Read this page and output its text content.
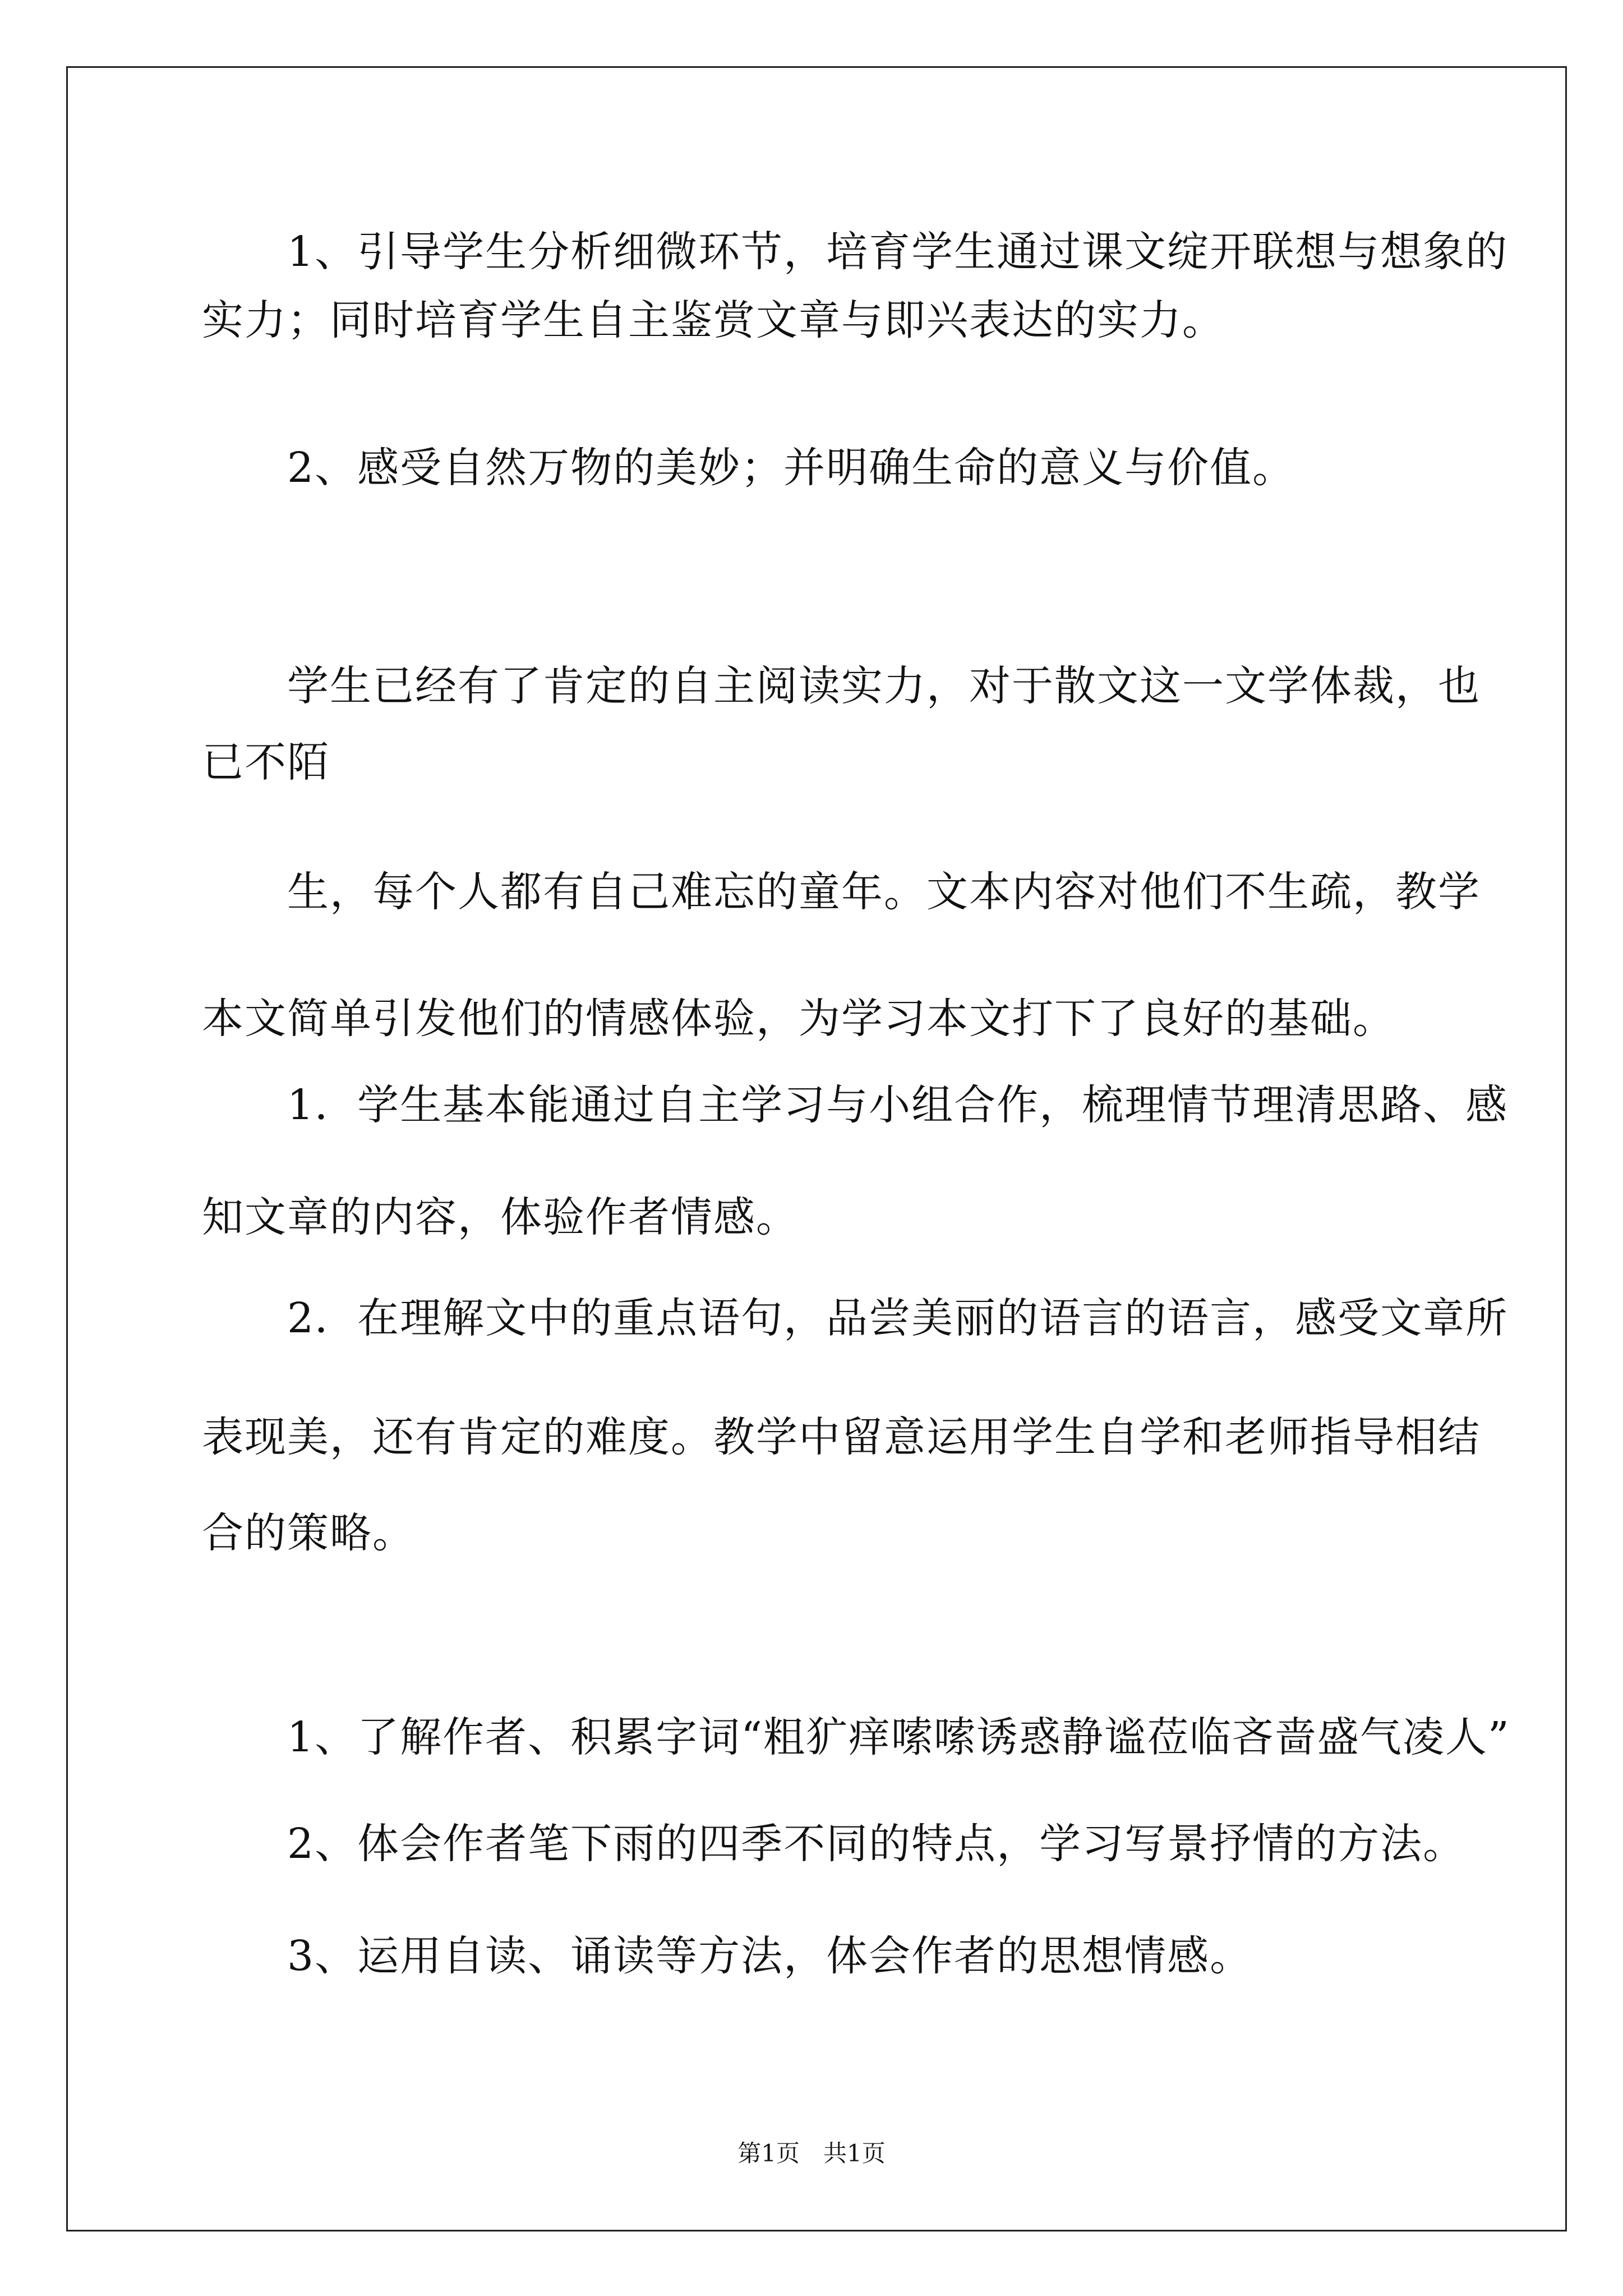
　　1、引导学生分析细微环节，培育学生通过课文绽开联想与想象的
实力；同时培育学生自主鉴赏文章与即兴表达的实力。
　　2、感受自然万物的美妙；并明确生命的意义与价值。
　　学生已经有了肯定的自主阅读实力，对于散文这一文学体裁，也
已不陌
　　生，每个人都有自己难忘的童年。文本内容对他们不生疏，教学
本文简单引发他们的情感体验，为学习本文打下了良好的基础。
　　1．学生基本能通过自主学习与小组合作，梳理情节理清思路、感
知文章的内容，体验作者情感。
　　2．在理解文中的重点语句，品尝美丽的语言的语言，感受文章所
表现美，还有肯定的难度。教学中留意运用学生自学和老师指导相结
合的策略。
　　1、了解作者、积累字词“粗犷痒嗦嗦诱惑静谧莅临吝啬盛气凌人”
　　2、体会作者笔下雨的四季不同的特点，学习写景抒情的方法。
　　3、运用自读、诵读等方法，体会作者的思想情感。
第1页　共1页
